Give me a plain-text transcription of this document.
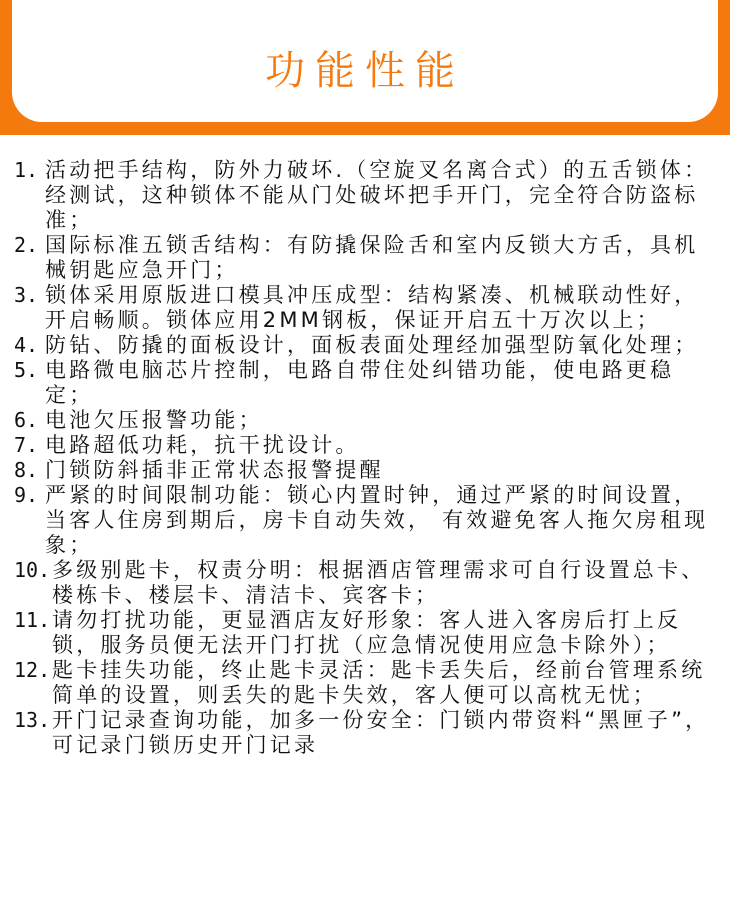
功能性能
1. 活动把手结构，防外力破坏.（空旋叉名离合式）的五舌锁体：经测试，这种锁体不能从门处破坏把手开门，完全符合防盗标准；
2. 国际标准五锁舌结构：有防撬保险舌和室内反锁大方舌，具机械钥匙应急开门；
3. 锁体采用原版进口模具冲压成型：结构紧凑、机械联动性好，开启畅顺。锁体应用2MM钢板，保证开启五十万次以上；
4. 防钻、防撬的面板设计，面板表面处理经加强型防氧化处理；
5. 电路微电脑芯片控制，电路自带住处纠错功能，使电路更稳定；
6. 电池欠压报警功能；
7. 电路超低功耗，抗干扰设计。
8. 门锁防斜插非正常状态报警提醒
9. 严紧的时间限制功能：锁心内置时钟，通过严紧的时间设置，当客人住房到期后，房卡自动失效， 有效避免客人拖欠房租现象；
10. 多级别匙卡，权责分明：根据酒店管理需求可自行设置总卡、楼栋卡、楼层卡、清洁卡、宾客卡；
11. 请勿打扰功能，更显酒店友好形象：客人进入客房后打上反锁，服务员便无法开门打扰（应急情况使用应急卡除外）；
12. 匙卡挂失功能，终止匙卡灵活：匙卡丢失后，经前台管理系统简单的设置，则丢失的匙卡失效，客人便可以高枕无忧；
13. 开门记录查询功能，加多一份安全：门锁内带资料“黑匣子”，可记录门锁历史开门记录
